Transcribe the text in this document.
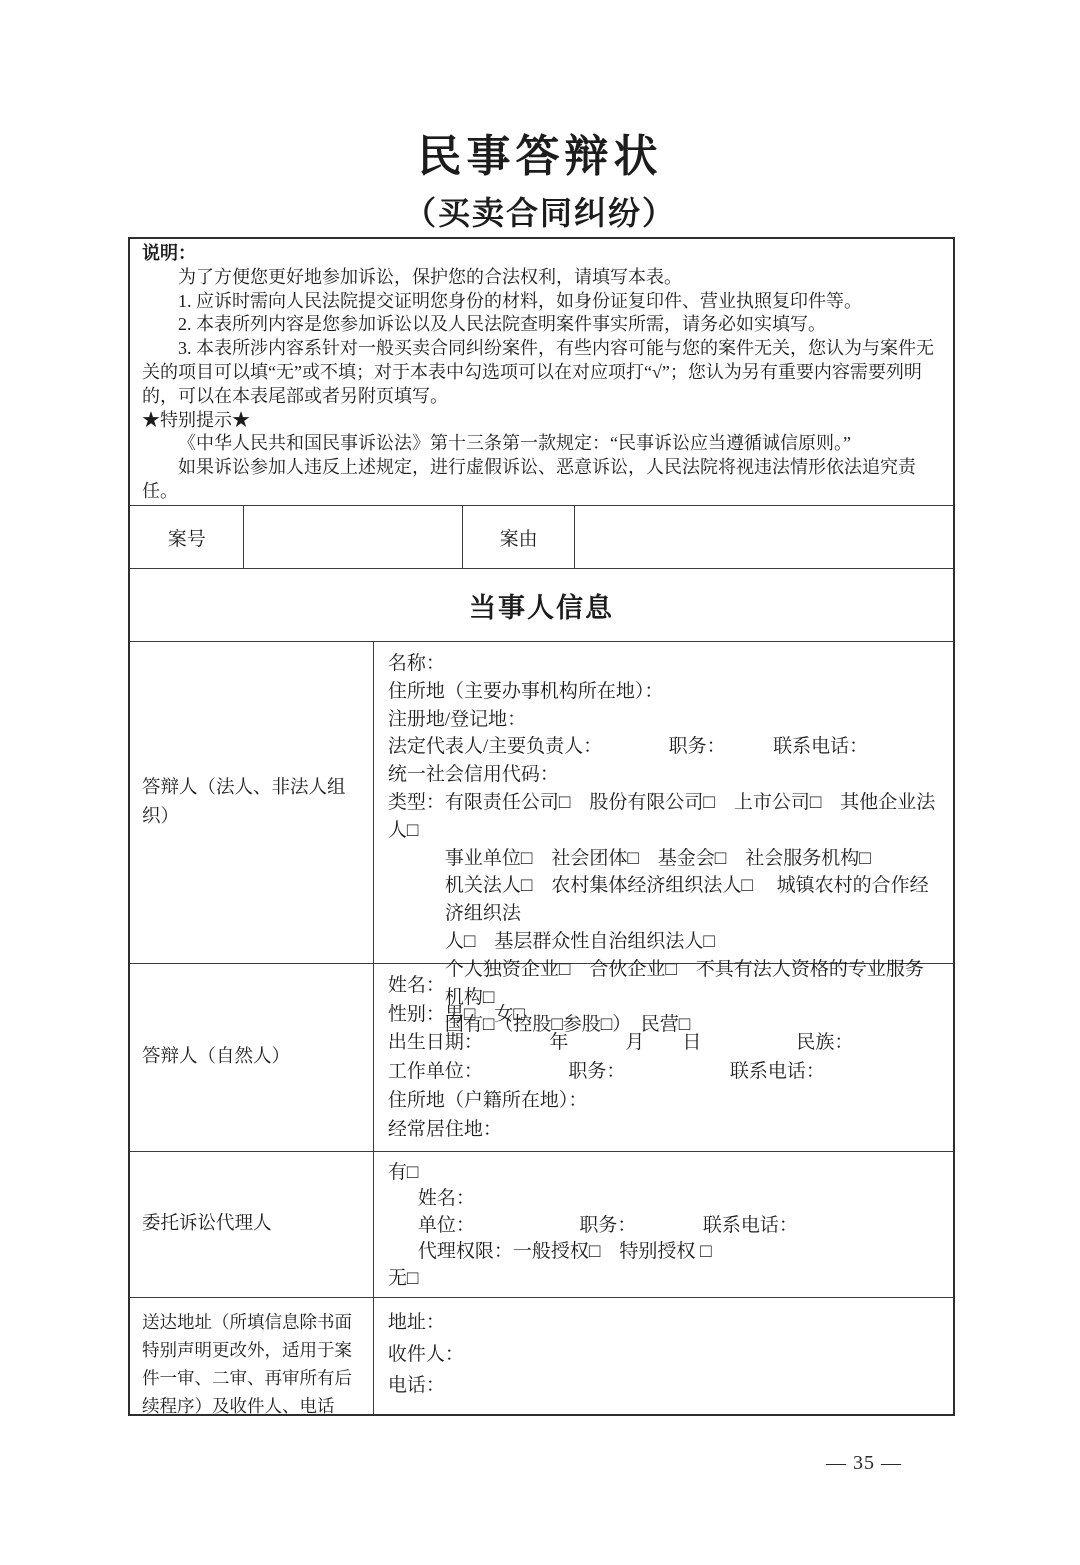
民事答辩状
（买卖合同纠纷）
说明：
为了方便您更好地参加诉讼，保护您的合法权利，请填写本表。
1. 应诉时需向人民法院提交证明您身份的材料，如身份证复印件、营业执照复印件等。
2. 本表所列内容是您参加诉讼以及人民法院查明案件事实所需，请务必如实填写。
3. 本表所涉内容系针对一般买卖合同纠纷案件，有些内容可能与您的案件无关，您认为与案件无关的项目可以填“无”或不填；对于本表中勾选项可以在对应项打“√”；您认为另有重要内容需要列明的，可以在本表尾部或者另附页填写。
★特别提示★
《中华人民共和国民事诉讼法》第十三条第一款规定：“民事诉讼应当遵循诚信原则。”
如果诉讼参加人违反上述规定，进行虚假诉讼、恶意诉讼，人民法院将视违法情形依法追究责任。
案号	案由
当事人信息
答辩人（法人、非法人组织）
名称：
住所地（主要办事机构所在地）：
注册地/登记地：
法定代表人/主要负责人：　　　　职务：　　　联系电话：
统一社会信用代码：
类型：有限责任公司□　股份有限公司□　上市公司□　其他企业法人□
事业单位□　社会团体□　基金会□　社会服务机构□
机关法人□　农村集体经济组织法人□　 城镇农村的合作经济组织法
人□　基层群众性自治组织法人□
个人独资企业□　合伙企业□　不具有法人资格的专业服务机构□
国有□（控股□参股□）　民营□
答辩人（自然人）
姓名：
性别：男□　女□
出生日期：　　　　年　　　月　　日　　　　　民族：
工作单位：　　　　　职务：　　　　　　联系电话：
住所地（户籍所在地）：
经常居住地：
委托诉讼代理人
有□
姓名：
单位：　　　　　　职务：　　　　联系电话：
代理权限：一般授权□　特别授权 □
无□
送达地址（所填信息除书面特别声明更改外，适用于案件一审、二审、再审所有后续程序）及收件人、电话
地址：
收件人：
电话：
— 35 —
